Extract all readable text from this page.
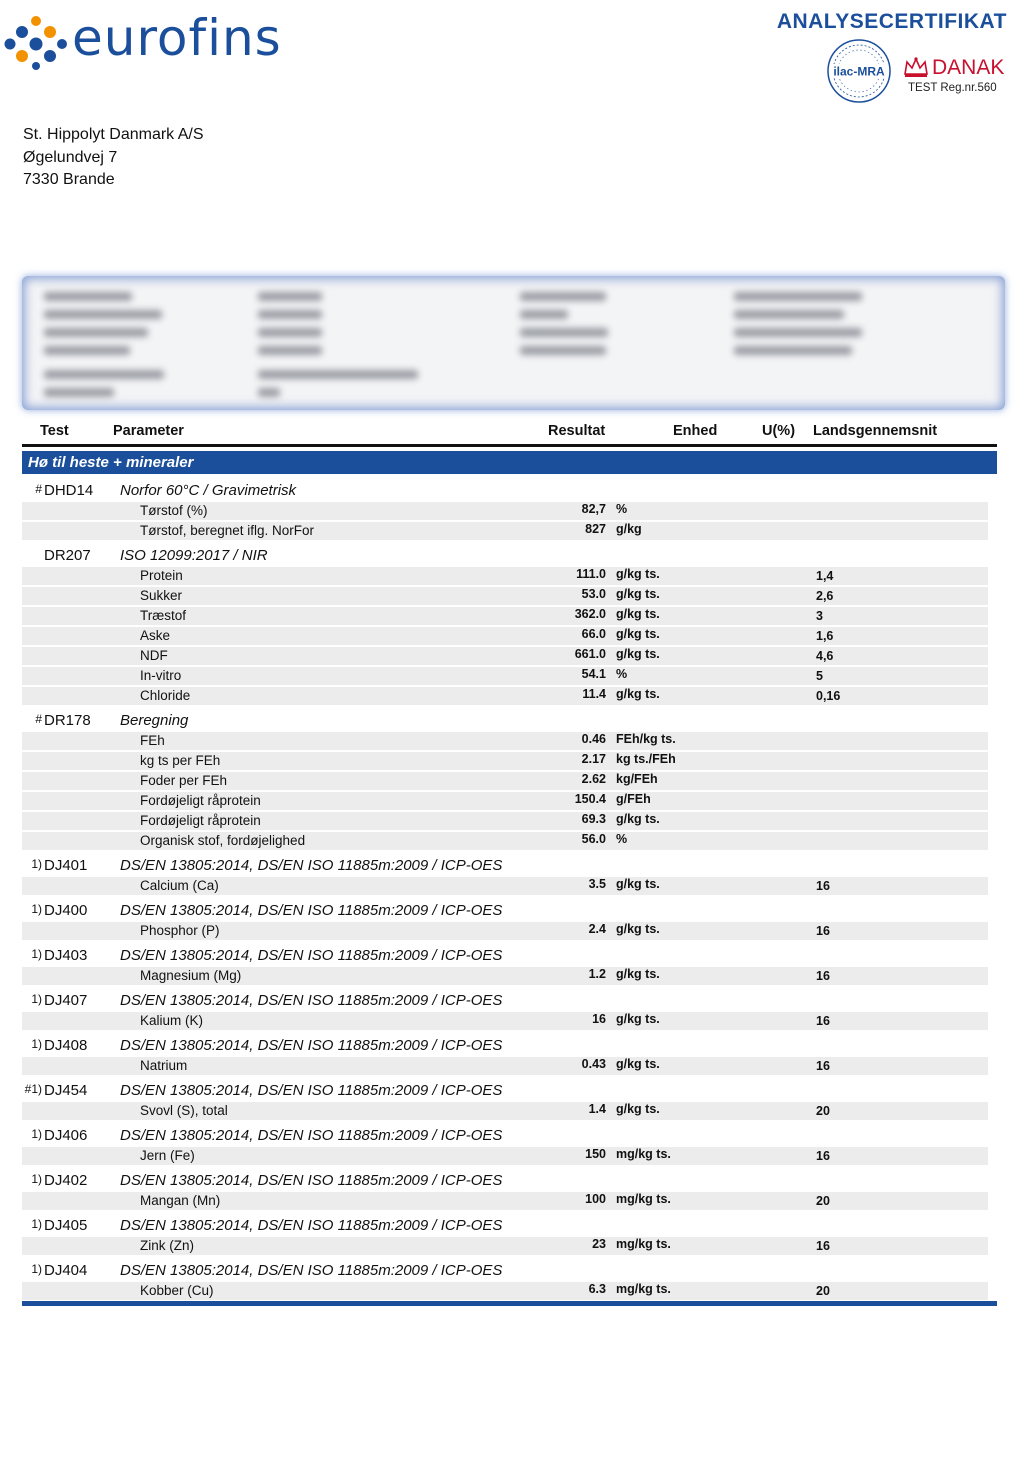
eurofins	ANALYSECERTIFIKAT
ilac-MRA DANAK
TEST Reg.nr.560
St. Hippolyt Danmark A/S
Øgelundvej 7
7330 Brande
Test	Parameter	Resultat	Enhed	U(%) Landsgennemsnit
Hø til heste + mineraler
# DHD14 Norfor 60°C / Gravimetrisk
Tørstof (%)	82,7 %
Tørstof, beregnet iflg. NorFor	827 g/kg
DR207 ISO 12099:2017 / NIR
Protein	111.0 g/kg ts.	1,4
Sukker	53.0 g/kg ts.	2,6
Træstof	362.0 g/kg ts.	3
Aske	66.0 g/kg ts.	1,6
NDF	661.0 g/kg ts.	4,6
In-vitro	54.1 %	5
Chloride	11.4 g/kg ts.	0,16
# DR178 Beregning
FEh	0.46 FEh/kg ts.
kg ts per FEh	2.17 kg ts./FEh
Foder per FEh	2.62 kg/FEh
Fordøjeligt råprotein	150.4 g/FEh
Fordøjeligt råprotein	69.3 g/kg ts.
Organisk stof, fordøjelighed	56.0 %
1) DJ401 DS/EN 13805:2014, DS/EN ISO 11885m:2009 / ICP-OES
Calcium (Ca)	3.5 g/kg ts.	16
1) DJ400 DS/EN 13805:2014, DS/EN ISO 11885m:2009 / ICP-OES
Phosphor (P)	2.4 g/kg ts.	16
1) DJ403 DS/EN 13805:2014, DS/EN ISO 11885m:2009 / ICP-OES
Magnesium (Mg)	1.2 g/kg ts.	16
1) DJ407 DS/EN 13805:2014, DS/EN ISO 11885m:2009 / ICP-OES
Kalium (K)	16 g/kg ts.	16
1) DJ408 DS/EN 13805:2014, DS/EN ISO 11885m:2009 / ICP-OES
Natrium	0.43 g/kg ts.	16
#1) DJ454 DS/EN 13805:2014, DS/EN ISO 11885m:2009 / ICP-OES
Svovl (S), total	1.4 g/kg ts.	20
1) DJ406 DS/EN 13805:2014, DS/EN ISO 11885m:2009 / ICP-OES
Jern (Fe)	150 mg/kg ts.	16
1) DJ402 DS/EN 13805:2014, DS/EN ISO 11885m:2009 / ICP-OES
Mangan (Mn)	100 mg/kg ts.	20
1) DJ405 DS/EN 13805:2014, DS/EN ISO 11885m:2009 / ICP-OES
Zink (Zn)	23 mg/kg ts.	16
1) DJ404 DS/EN 13805:2014, DS/EN ISO 11885m:2009 / ICP-OES
Kobber (Cu)	6.3 mg/kg ts.	20
